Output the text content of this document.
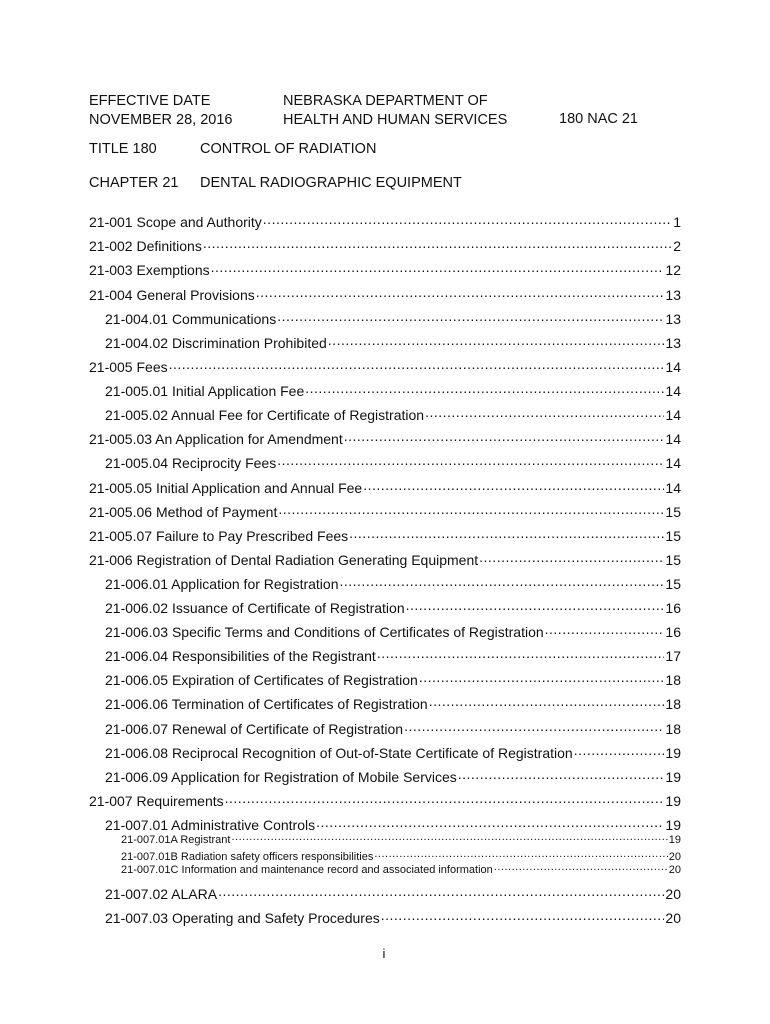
EFFECTIVE DATE
NOVEMBER 28, 2016
NEBRASKA DEPARTMENT OF
HEALTH AND HUMAN SERVICES	180 NAC 21
TITLE 180	CONTROL OF RADIATION
CHAPTER 21 DENTAL RADIOGRAPHIC EQUIPMENT
21-001 Scope and Authority .....	1
21-002 Definitions .....	2
21-003 Exemptions .....	12
21-004 General Provisions .....	13
21-004.01 Communications .....	13
21-004.02 Discrimination Prohibited .....	13
21-005 Fees .....	14
21-005.01 Initial Application Fee .....	14
21-005.02 Annual Fee for Certificate of Registration .....	14
21-005.03 An Application for Amendment .....	14
21-005.04 Reciprocity Fees .....	14
21-005.05 Initial Application and Annual Fee .....	14
21-005.06 Method of Payment .....	15
21-005.07 Failure to Pay Prescribed Fees .....	15
21-006 Registration of Dental Radiation Generating Equipment .....	15
21-006.01 Application for Registration .....	15
21-006.02 Issuance of Certificate of Registration .....	16
21-006.03 Specific Terms and Conditions of Certificates of Registration .....	16
21-006.04 Responsibilities of the Registrant .....	17
21-006.05 Expiration of Certificates of Registration .....	18
21-006.06 Termination of Certificates of Registration .....	18
21-006.07 Renewal of Certificate of Registration .....	18
21-006.08 Reciprocal Recognition of Out-of-State Certificate of Registration .....	19
21-006.09 Application for Registration of Mobile Services .....	19
21-007 Requirements .....	19
21-007.01 Administrative Controls .....	19
21-007.01A Registrant .....	19
21-007.01B Radiation safety officers responsibilities .....	20
21-007.01C Information and maintenance record and associated information .....	20
21-007.02 ALARA .....	20
21-007.03 Operating and Safety Procedures .....	20
i
